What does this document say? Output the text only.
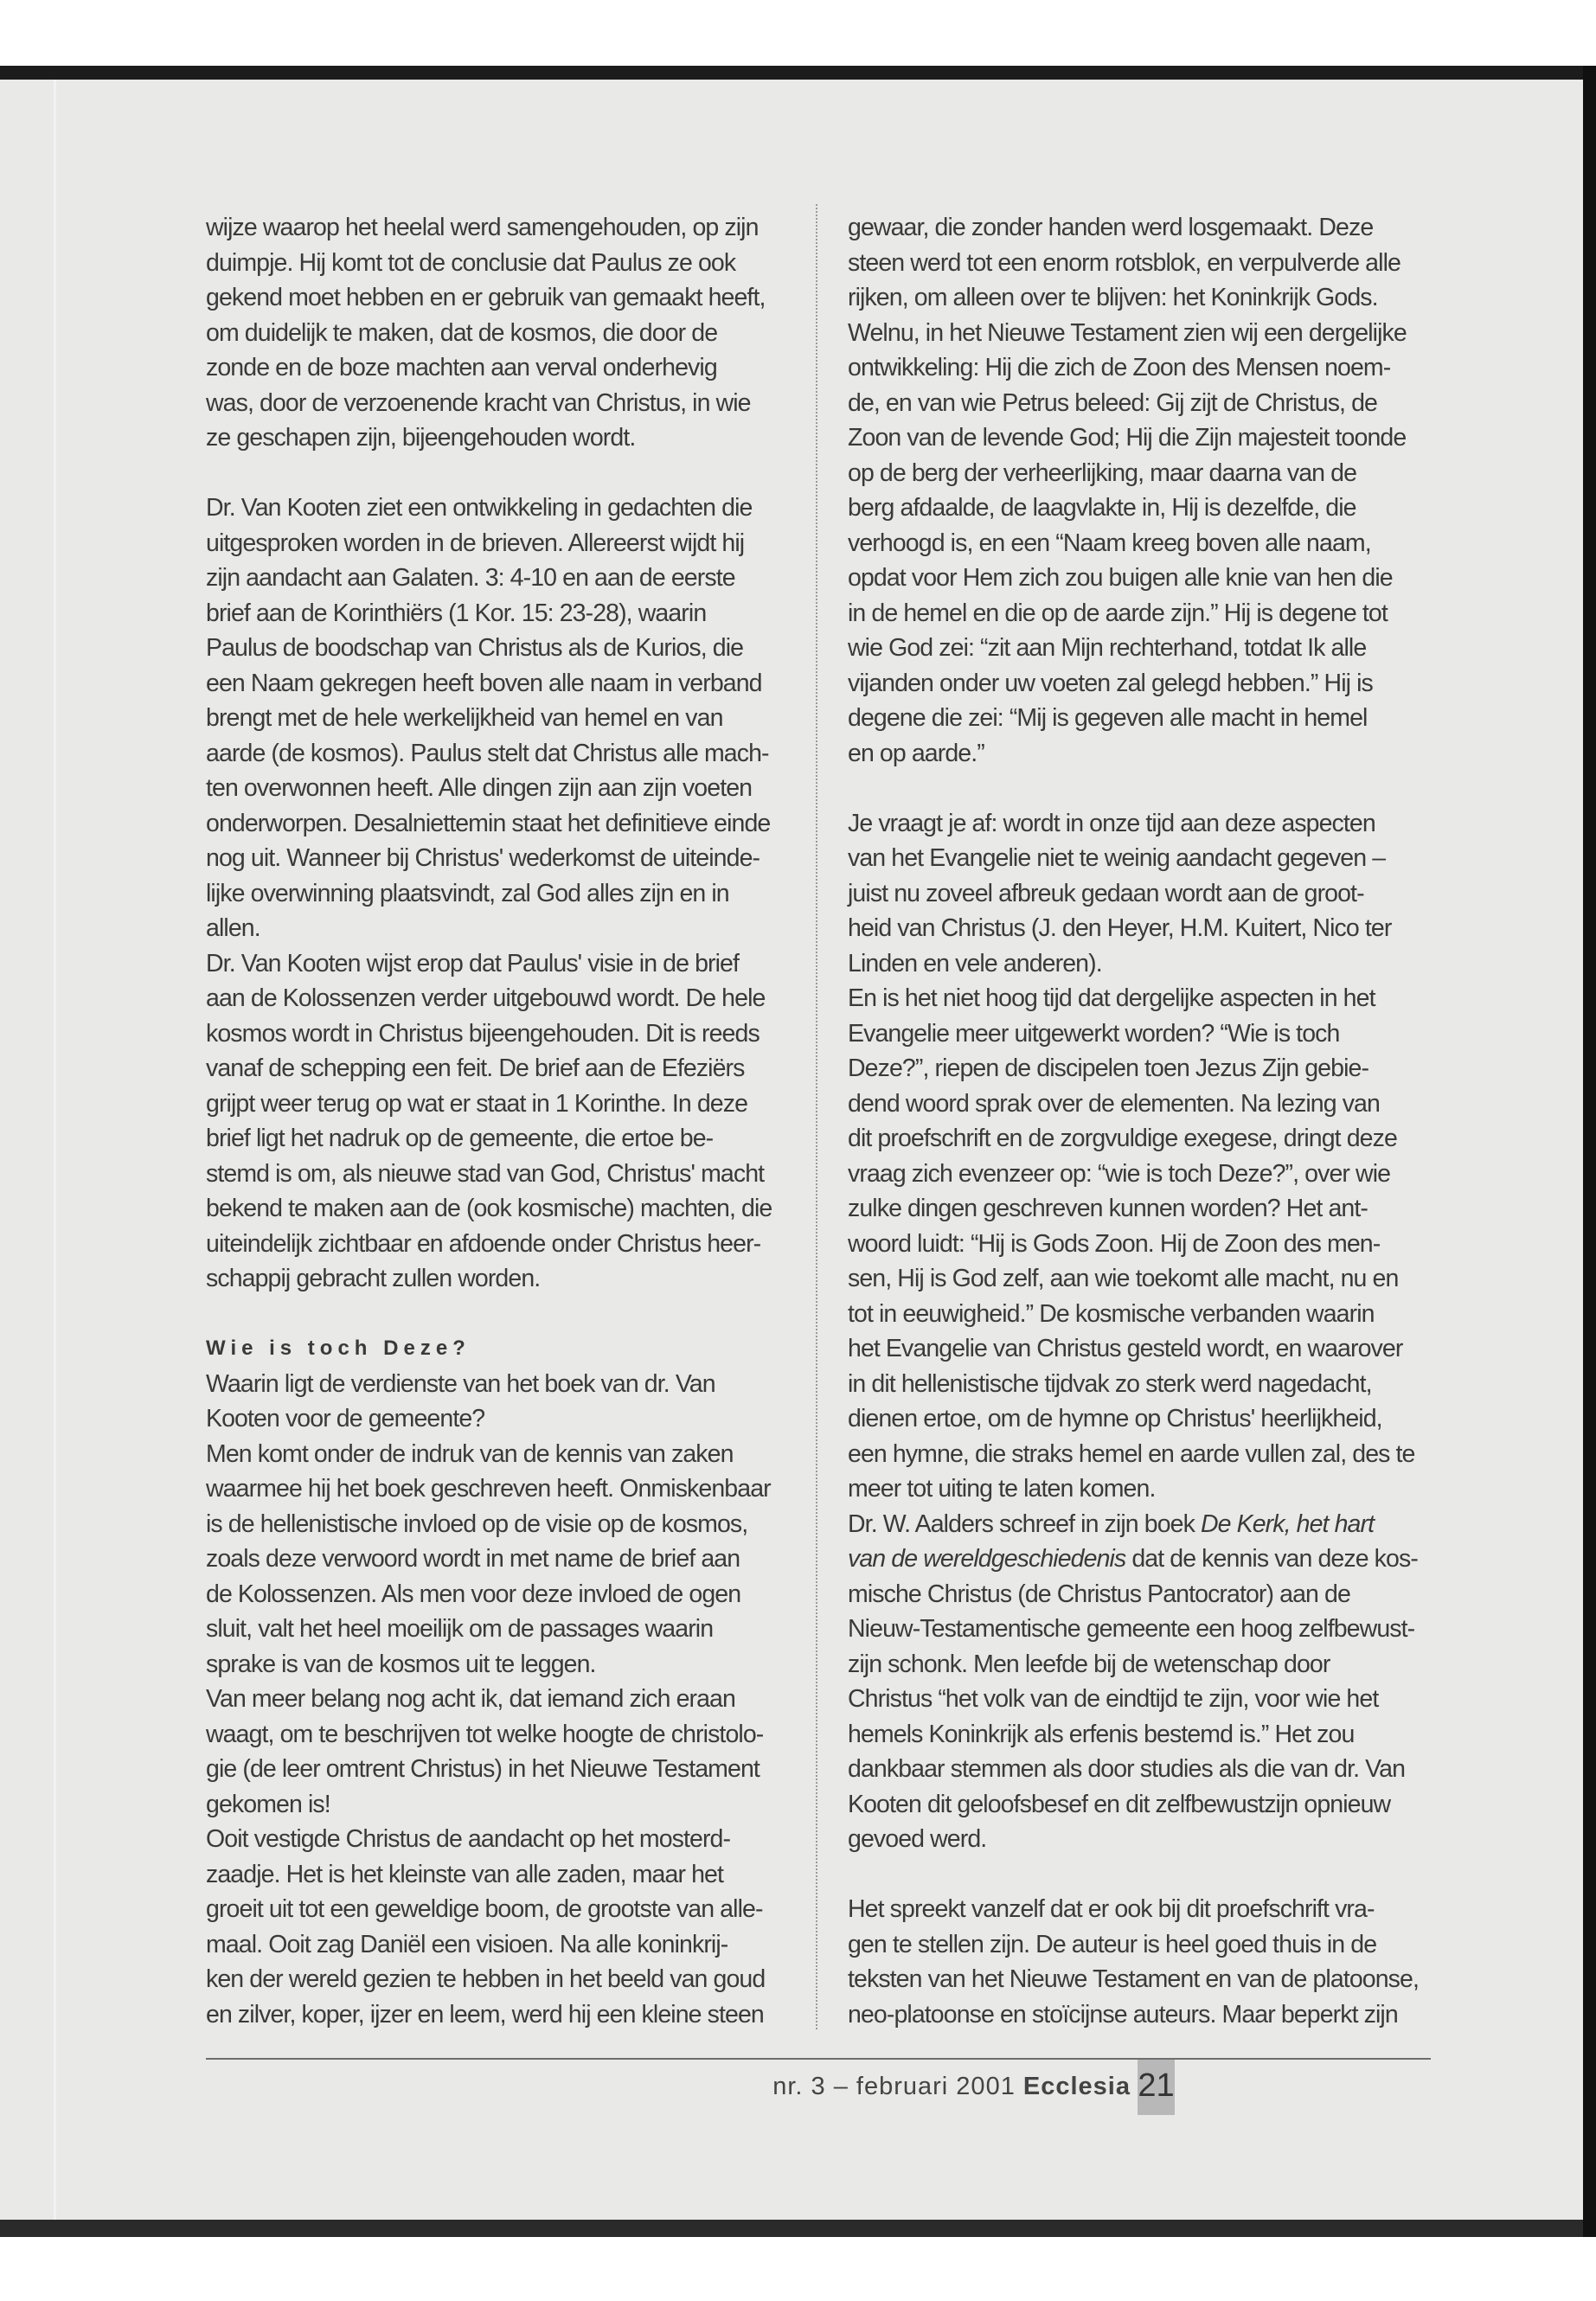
wijze waarop het heelal werd samengehouden, op zijn
duimpje. Hij komt tot de conclusie dat Paulus ze ook
gekend moet hebben en er gebruik van gemaakt heeft,
om duidelijk te maken, dat de kosmos, die door de
zonde en de boze machten aan verval onderhevig
was, door de verzoenende kracht van Christus, in wie
ze geschapen zijn, bijeengehouden wordt.
Dr. Van Kooten ziet een ontwikkeling in gedachten die
uitgesproken worden in de brieven. Allereerst wijdt hij
zijn aandacht aan Galaten. 3: 4-10 en aan de eerste
brief aan de Korinthiërs (1 Kor. 15: 23-28), waarin
Paulus de boodschap van Christus als de Kurios, die
een Naam gekregen heeft boven alle naam in verband
brengt met de hele werkelijkheid van hemel en van
aarde (de kosmos). Paulus stelt dat Christus alle mach-
ten overwonnen heeft. Alle dingen zijn aan zijn voeten
onderworpen. Desalniettemin staat het definitieve einde
nog uit. Wanneer bij Christus' wederkomst de uiteinde-
lijke overwinning plaatsvindt, zal God alles zijn en in
allen.
Dr. Van Kooten wijst erop dat Paulus' visie in de brief
aan de Kolossenzen verder uitgebouwd wordt. De hele
kosmos wordt in Christus bijeengehouden. Dit is reeds
vanaf de schepping een feit. De brief aan de Efeziërs
grijpt weer terug op wat er staat in 1 Korinthe. In deze
brief ligt het nadruk op de gemeente, die ertoe be-
stemd is om, als nieuwe stad van God, Christus' macht
bekend te maken aan de (ook kosmische) machten, die
uiteindelijk zichtbaar en afdoende onder Christus heer-
schappij gebracht zullen worden.
Wie is toch Deze?
Waarin ligt de verdienste van het boek van dr. Van
Kooten voor de gemeente?
Men komt onder de indruk van de kennis van zaken
waarmee hij het boek geschreven heeft. Onmiskenbaar
is de hellenistische invloed op de visie op de kosmos,
zoals deze verwoord wordt in met name de brief aan
de Kolossenzen. Als men voor deze invloed de ogen
sluit, valt het heel moeilijk om de passages waarin
sprake is van de kosmos uit te leggen.
Van meer belang nog acht ik, dat iemand zich eraan
waagt, om te beschrijven tot welke hoogte de christolo-
gie (de leer omtrent Christus) in het Nieuwe Testament
gekomen is!
Ooit vestigde Christus de aandacht op het mosterd-
zaadje. Het is het kleinste van alle zaden, maar het
groeit uit tot een geweldige boom, de grootste van alle-
maal. Ooit zag Daniël een visioen. Na alle koninkrij-
ken der wereld gezien te hebben in het beeld van goud
en zilver, koper, ijzer en leem, werd hij een kleine steen
gewaar, die zonder handen werd losgemaakt. Deze
steen werd tot een enorm rotsblok, en verpulverde alle
rijken, om alleen over te blijven: het Koninkrijk Gods.
Welnu, in het Nieuwe Testament zien wij een dergelijke
ontwikkeling: Hij die zich de Zoon des Mensen noem-
de, en van wie Petrus beleed: Gij zijt de Christus, de
Zoon van de levende God; Hij die Zijn majesteit toonde
op de berg der verheerlijking, maar daarna van de
berg afdaalde, de laagvlakte in, Hij is dezelfde, die
verhoogd is, en een “Naam kreeg boven alle naam,
opdat voor Hem zich zou buigen alle knie van hen die
in de hemel en die op de aarde zijn.” Hij is degene tot
wie God zei: “zit aan Mijn rechterhand, totdat Ik alle
vijanden onder uw voeten zal gelegd hebben.” Hij is
degene die zei: “Mij is gegeven alle macht in hemel
en op aarde.”
Je vraagt je af: wordt in onze tijd aan deze aspecten
van het Evangelie niet te weinig aandacht gegeven –
juist nu zoveel afbreuk gedaan wordt aan de groot-
heid van Christus (J. den Heyer, H.M. Kuitert, Nico ter
Linden en vele anderen).
En is het niet hoog tijd dat dergelijke aspecten in het
Evangelie meer uitgewerkt worden? “Wie is toch
Deze?”, riepen de discipelen toen Jezus Zijn gebie-
dend woord sprak over de elementen. Na lezing van
dit proefschrift en de zorgvuldige exegese, dringt deze
vraag zich evenzeer op: “wie is toch Deze?”, over wie
zulke dingen geschreven kunnen worden? Het ant-
woord luidt: “Hij is Gods Zoon. Hij de Zoon des men-
sen, Hij is God zelf, aan wie toekomt alle macht, nu en
tot in eeuwigheid.” De kosmische verbanden waarin
het Evangelie van Christus gesteld wordt, en waarover
in dit hellenistische tijdvak zo sterk werd nagedacht,
dienen ertoe, om de hymne op Christus' heerlijkheid,
een hymne, die straks hemel en aarde vullen zal, des te
meer tot uiting te laten komen.
Dr. W. Aalders schreef in zijn boek De Kerk, het hart
van de wereldgeschiedenis dat de kennis van deze kos-
mische Christus (de Christus Pantocrator) aan de
Nieuw-Testamentische gemeente een hoog zelfbewust-
zijn schonk. Men leefde bij de wetenschap door
Christus “het volk van de eindtijd te zijn, voor wie het
hemels Koninkrijk als erfenis bestemd is.” Het zou
dankbaar stemmen als door studies als die van dr. Van
Kooten dit geloofsbesef en dit zelfbewustzijn opnieuw
gevoed werd.
Het spreekt vanzelf dat er ook bij dit proefschrift vra-
gen te stellen zijn. De auteur is heel goed thuis in de
teksten van het Nieuwe Testament en van de platoonse,
neo-platoonse en stoïcijnse auteurs. Maar beperkt zijn
nr. 3 – februari 2001 Ecclesia 21
